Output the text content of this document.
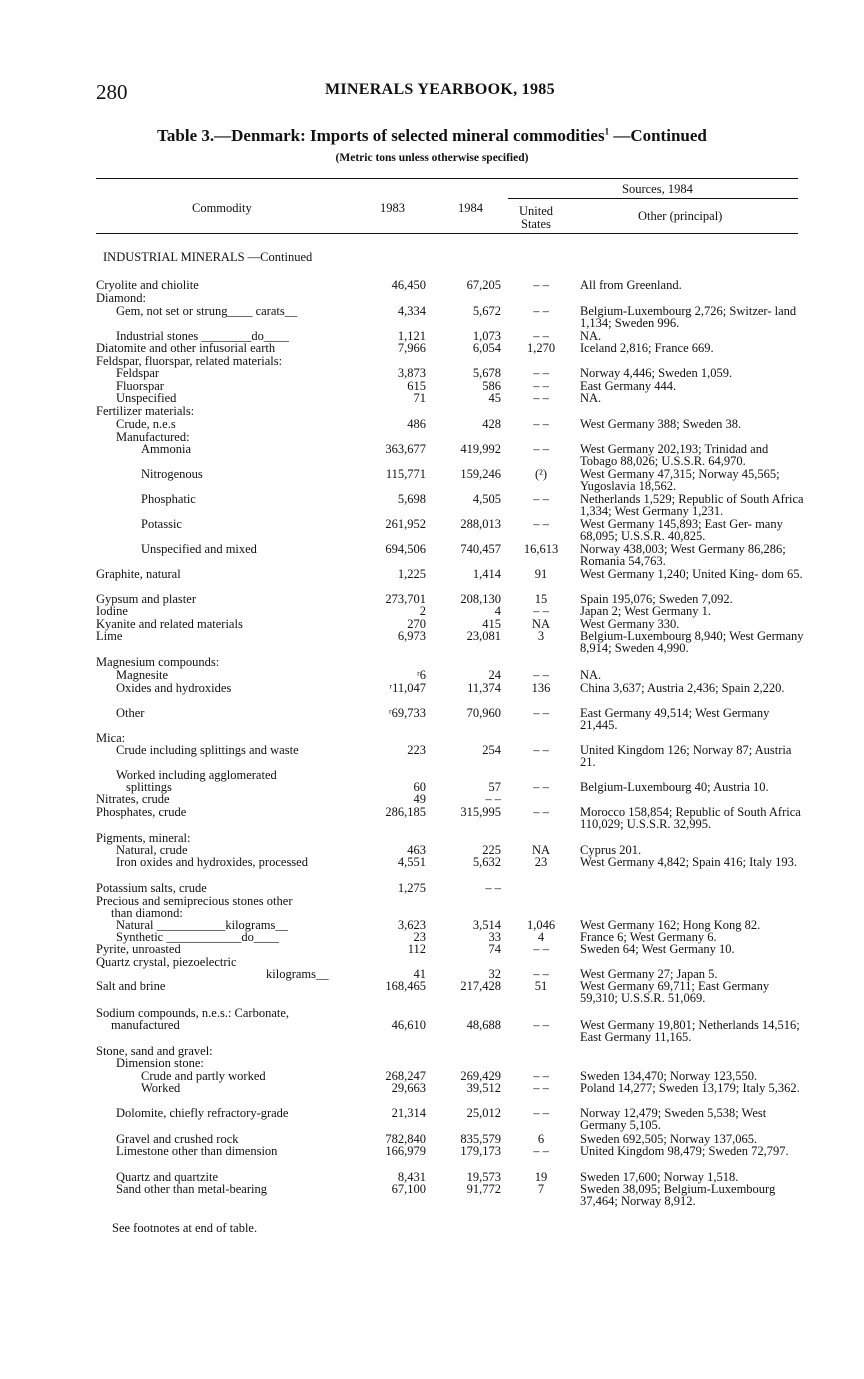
280	MINERALS YEARBOOK, 1985
Table 3.—Denmark: Imports of selected mineral commodities$^1$ —Continued
(Metric tons unless otherwise specified)
Commodity	1983	1984
Sources, 1984
United
States
Other (principal)
INDUSTRIAL MINERALS —Continued
Cryolite and chiolite	46,450	67,205	– –	All from Greenland.
Diamond:
Gem, not set or strung____ carats__	4,334	5,672	– –	Belgium-Luxembourg 2,726; Switzer- land 1,134; Sweden 996.
Industrial stones ________do____	1,121	1,073	– –	NA.
Diatomite and other infusorial earth	7,966	6,054	1,270	Iceland 2,816; France 669.
Feldspar, fluorspar, related materials:
Feldspar	3,873	5,678	– –	Norway 4,446; Sweden 1,059.
Fluorspar	615	586	– –	East Germany 444.
Unspecified	71	45	– –	NA.
Fertilizer materials:
Crude, n.e.s	486	428	– –	West Germany 388; Sweden 38.
Manufactured:
Ammonia	363,677	419,992	– –	West Germany 202,193; Trinidad and Tobago 88,026; U.S.S.R. 64,970.
Nitrogenous	115,771	159,246	(²)	West Germany 47,315; Norway 45,565; Yugoslavia 18,562.
Phosphatic	5,698	4,505	– –	Netherlands 1,529; Republic of South Africa 1,334; West Germany 1,231.
Potassic	261,952	288,013	– –	West Germany 145,893; East Ger- many 68,095; U.S.S.R. 40,825.
Unspecified and mixed	694,506	740,457	16,613	Norway 438,003; West Germany 86,286; Romania 54,763.
Graphite, natural	1,225	1,414	91	West Germany 1,240; United King- dom 65.
Gypsum and plaster	273,701	208,130	15	Spain 195,076; Sweden 7,092.
Iodine	2	4	– –	Japan 2; West Germany 1.
Kyanite and related materials	270	415	NA	West Germany 330.
Lime	6,973	23,081	3	Belgium-Luxembourg 8,940; West Germany 8,914; Sweden 4,990.
Magnesium compounds:
Magnesite	ʳ6	24	– –	NA.
Oxides and hydroxides	ʳ11,047	11,374	136	China 3,637; Austria 2,436; Spain 2,220.
Other	ʳ69,733	70,960	– –	East Germany 49,514; West Germany 21,445.
Mica:
Crude including splittings and waste	223	254	– –	United Kingdom 126; Norway 87; Austria 21.
Worked including agglomerated
splittings	60	57	– –	Belgium-Luxembourg 40; Austria 10.
Nitrates, crude	49	– –
Phosphates, crude	286,185	315,995	– –	Morocco 158,854; Republic of South Africa 110,029; U.S.S.R. 32,995.
Pigments, mineral:
Natural, crude	463	225	NA	Cyprus 201.
Iron oxides and hydroxides, processed	4,551	5,632	23	West Germany 4,842; Spain 416; Italy 193.
Potassium salts, crude	1,275	– –
Precious and semiprecious stones other
than diamond:
Natural ___________kilograms__	3,623	3,514	1,046	West Germany 162; Hong Kong 82.
Synthetic ____________do____	23	33	4	France 6; West Germany 6.
Pyrite, unroasted	112	74	– –	Sweden 64; West Germany 10.
Quartz crystal, piezoelectric
kilograms__	41	32	– –	West Germany 27; Japan 5.
Salt and brine	168,465	217,428	51	West Germany 69,711; East Germany 59,310; U.S.S.R. 51,069.
Sodium compounds, n.e.s.: Carbonate,
manufactured	46,610	48,688	– –	West Germany 19,801; Netherlands 14,516; East Germany 11,165.
Stone, sand and gravel:
Dimension stone:
Crude and partly worked	268,247	269,429	– –	Sweden 134,470; Norway 123,550.
Worked	29,663	39,512	– –	Poland 14,277; Sweden 13,179; Italy 5,362.
Dolomite, chiefly refractory-grade	21,314	25,012	– –	Norway 12,479; Sweden 5,538; West Germany 5,105.
Gravel and crushed rock	782,840	835,579	6	Sweden 692,505; Norway 137,065.
Limestone other than dimension	166,979	179,173	– –	United Kingdom 98,479; Sweden 72,797.
Quartz and quartzite	8,431	19,573	19	Sweden 17,600; Norway 1,518.
Sand other than metal-bearing	67,100	91,772	7	Sweden 38,095; Belgium-Luxembourg 37,464; Norway 8,912.
See footnotes at end of table.
